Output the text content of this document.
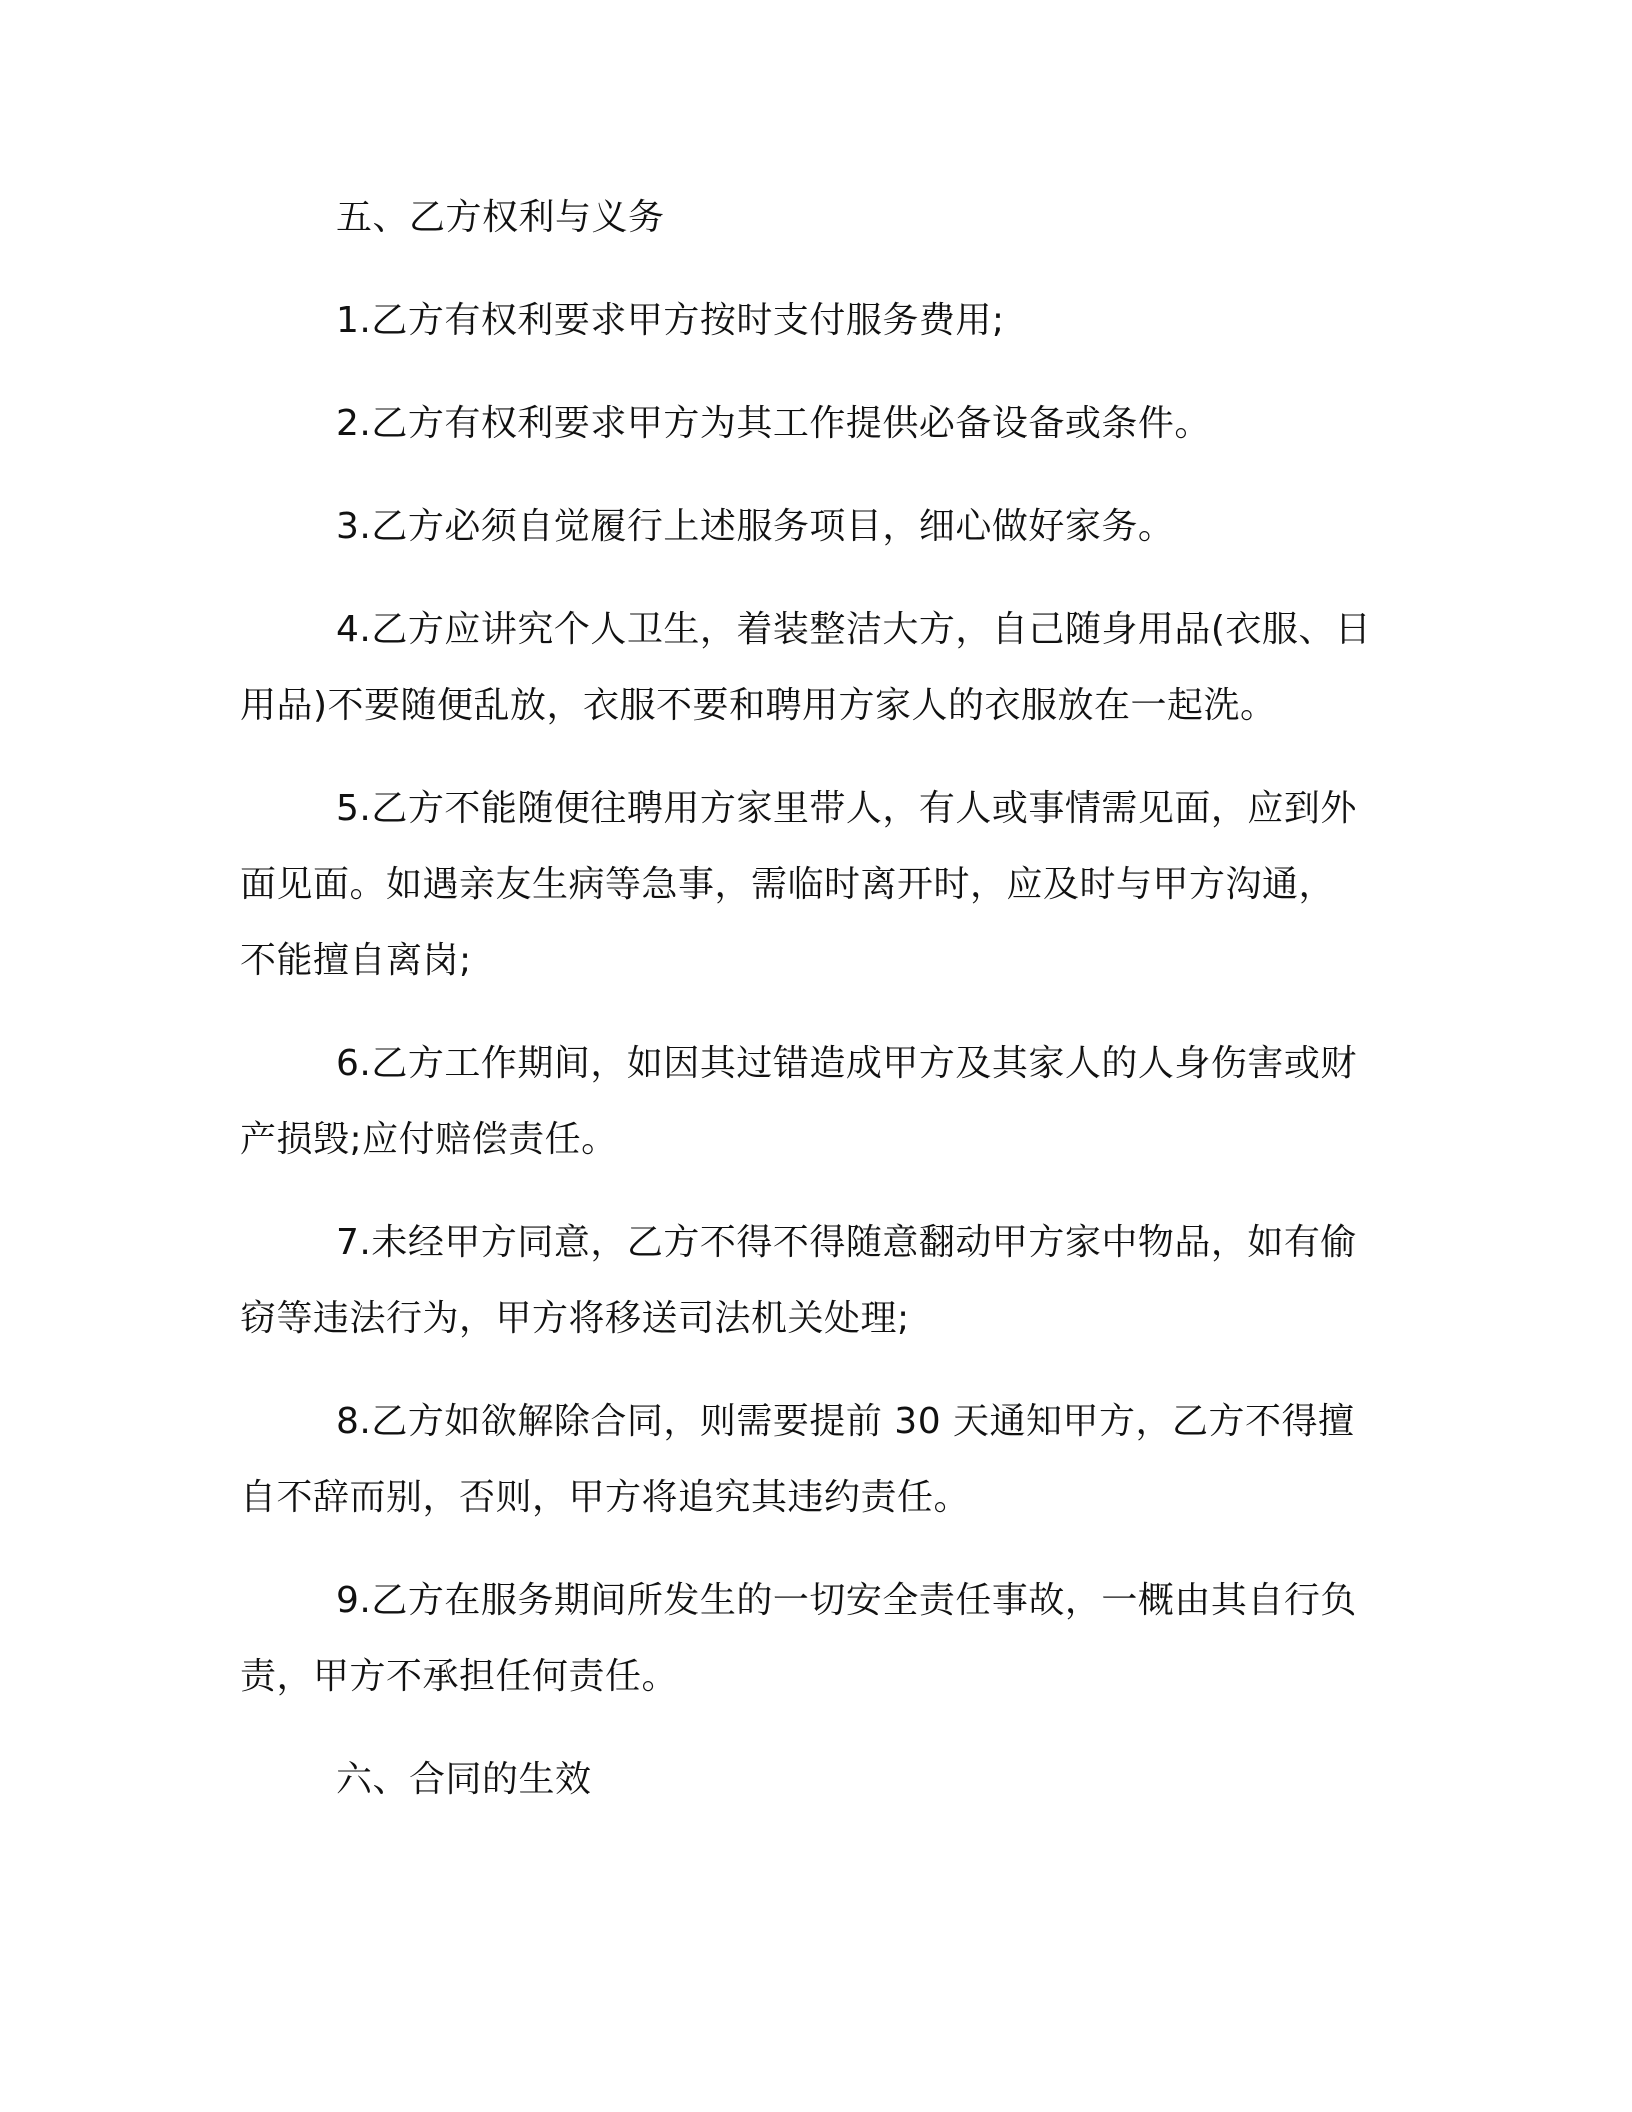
五、乙方权利与义务
1.乙方有权利要求甲方按时支付服务费用;
2.乙方有权利要求甲方为其工作提供必备设备或条件。
3.乙方必须自觉履行上述服务项目，细心做好家务。
4.乙方应讲究个人卫生，着装整洁大方，自己随身用品(衣服、日
用品)不要随便乱放，衣服不要和聘用方家人的衣服放在一起洗。
5.乙方不能随便往聘用方家里带人，有人或事情需见面，应到外
面见面。如遇亲友生病等急事，需临时离开时，应及时与甲方沟通，
不能擅自离岗;
6.乙方工作期间，如因其过错造成甲方及其家人的人身伤害或财
产损毁;应付赔偿责任。
7.未经甲方同意，乙方不得不得随意翻动甲方家中物品，如有偷
窃等违法行为，甲方将移送司法机关处理;
8.乙方如欲解除合同，则需要提前 30 天通知甲方，乙方不得擅
自不辞而别，否则，甲方将追究其违约责任。
9.乙方在服务期间所发生的一切安全责任事故，一概由其自行负
责，甲方不承担任何责任。
六、合同的生效
